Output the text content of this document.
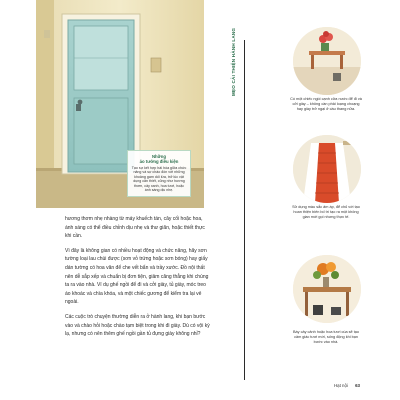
Những
ảo tưởng điều kiện
Tạo sự kết hợp hài hòa giữa chức năng và sự chào đón với những khoảng gam dối lừa, trở lúc vật dụng căn thiết, cũng như hương thơm, cây xanh, hoa tươi, hoặc ánh sáng dịu nhẹ.

hương thơm nhẹ nhàng từ máy khuếch tán, cây cối hoặc hoa, ánh sáng có thể điều chỉnh dịu nhẹ và thư giãn, hoặc thiết thực khi cần.

Vì đây là không gian có nhiều hoạt động và chức năng, hãy sơn tường loại lau chùi được (sơn vỏ trứng hoặc sơn bóng) hay giấy dán tường có hoa văn để che vết bẩn và trầy xước. Đồ nội thất nên dễ sắp xếp và chuẩn bị đơn tiện, giảm căng thẳng khi chúng ta ra vào nhà. Ví dụ ghế ngồi để đi và cởi giày, tủ giày, móc treo áo khoác và chìa khóa, và một chiếc gương để kiểm tra lại vẻ ngoài.

Các cuộc trò chuyện thường diễn ra ở hành lang, khi bạn bước vào và chào hỏi hoặc chào tạm biệt trong khi đi giày. Dù có vội kỳ lạ, nhưng có nên thêm ghế ngồi gần tủ đựng giày không nhỉ?

MẸO CẢI THIỆN HÀNH LANG
Có một chiếc ngồi cạnh cửa nước để đi và cởi giày – không cần phải loạng choạng hay giày trở ngại ở cầu thang nữa.
Sử dụng màu sắc ấm áp, để chủ vời tạo hoan thiện biến bố trí tạo ra một không gian mới gọi nhưng thực tế.
Bày cây cảnh hoặc hoa tươi cùa sẽ tạo cảm giác tươi mới, sống động khi bạn bước vào nhà.
Hạt nội 63
